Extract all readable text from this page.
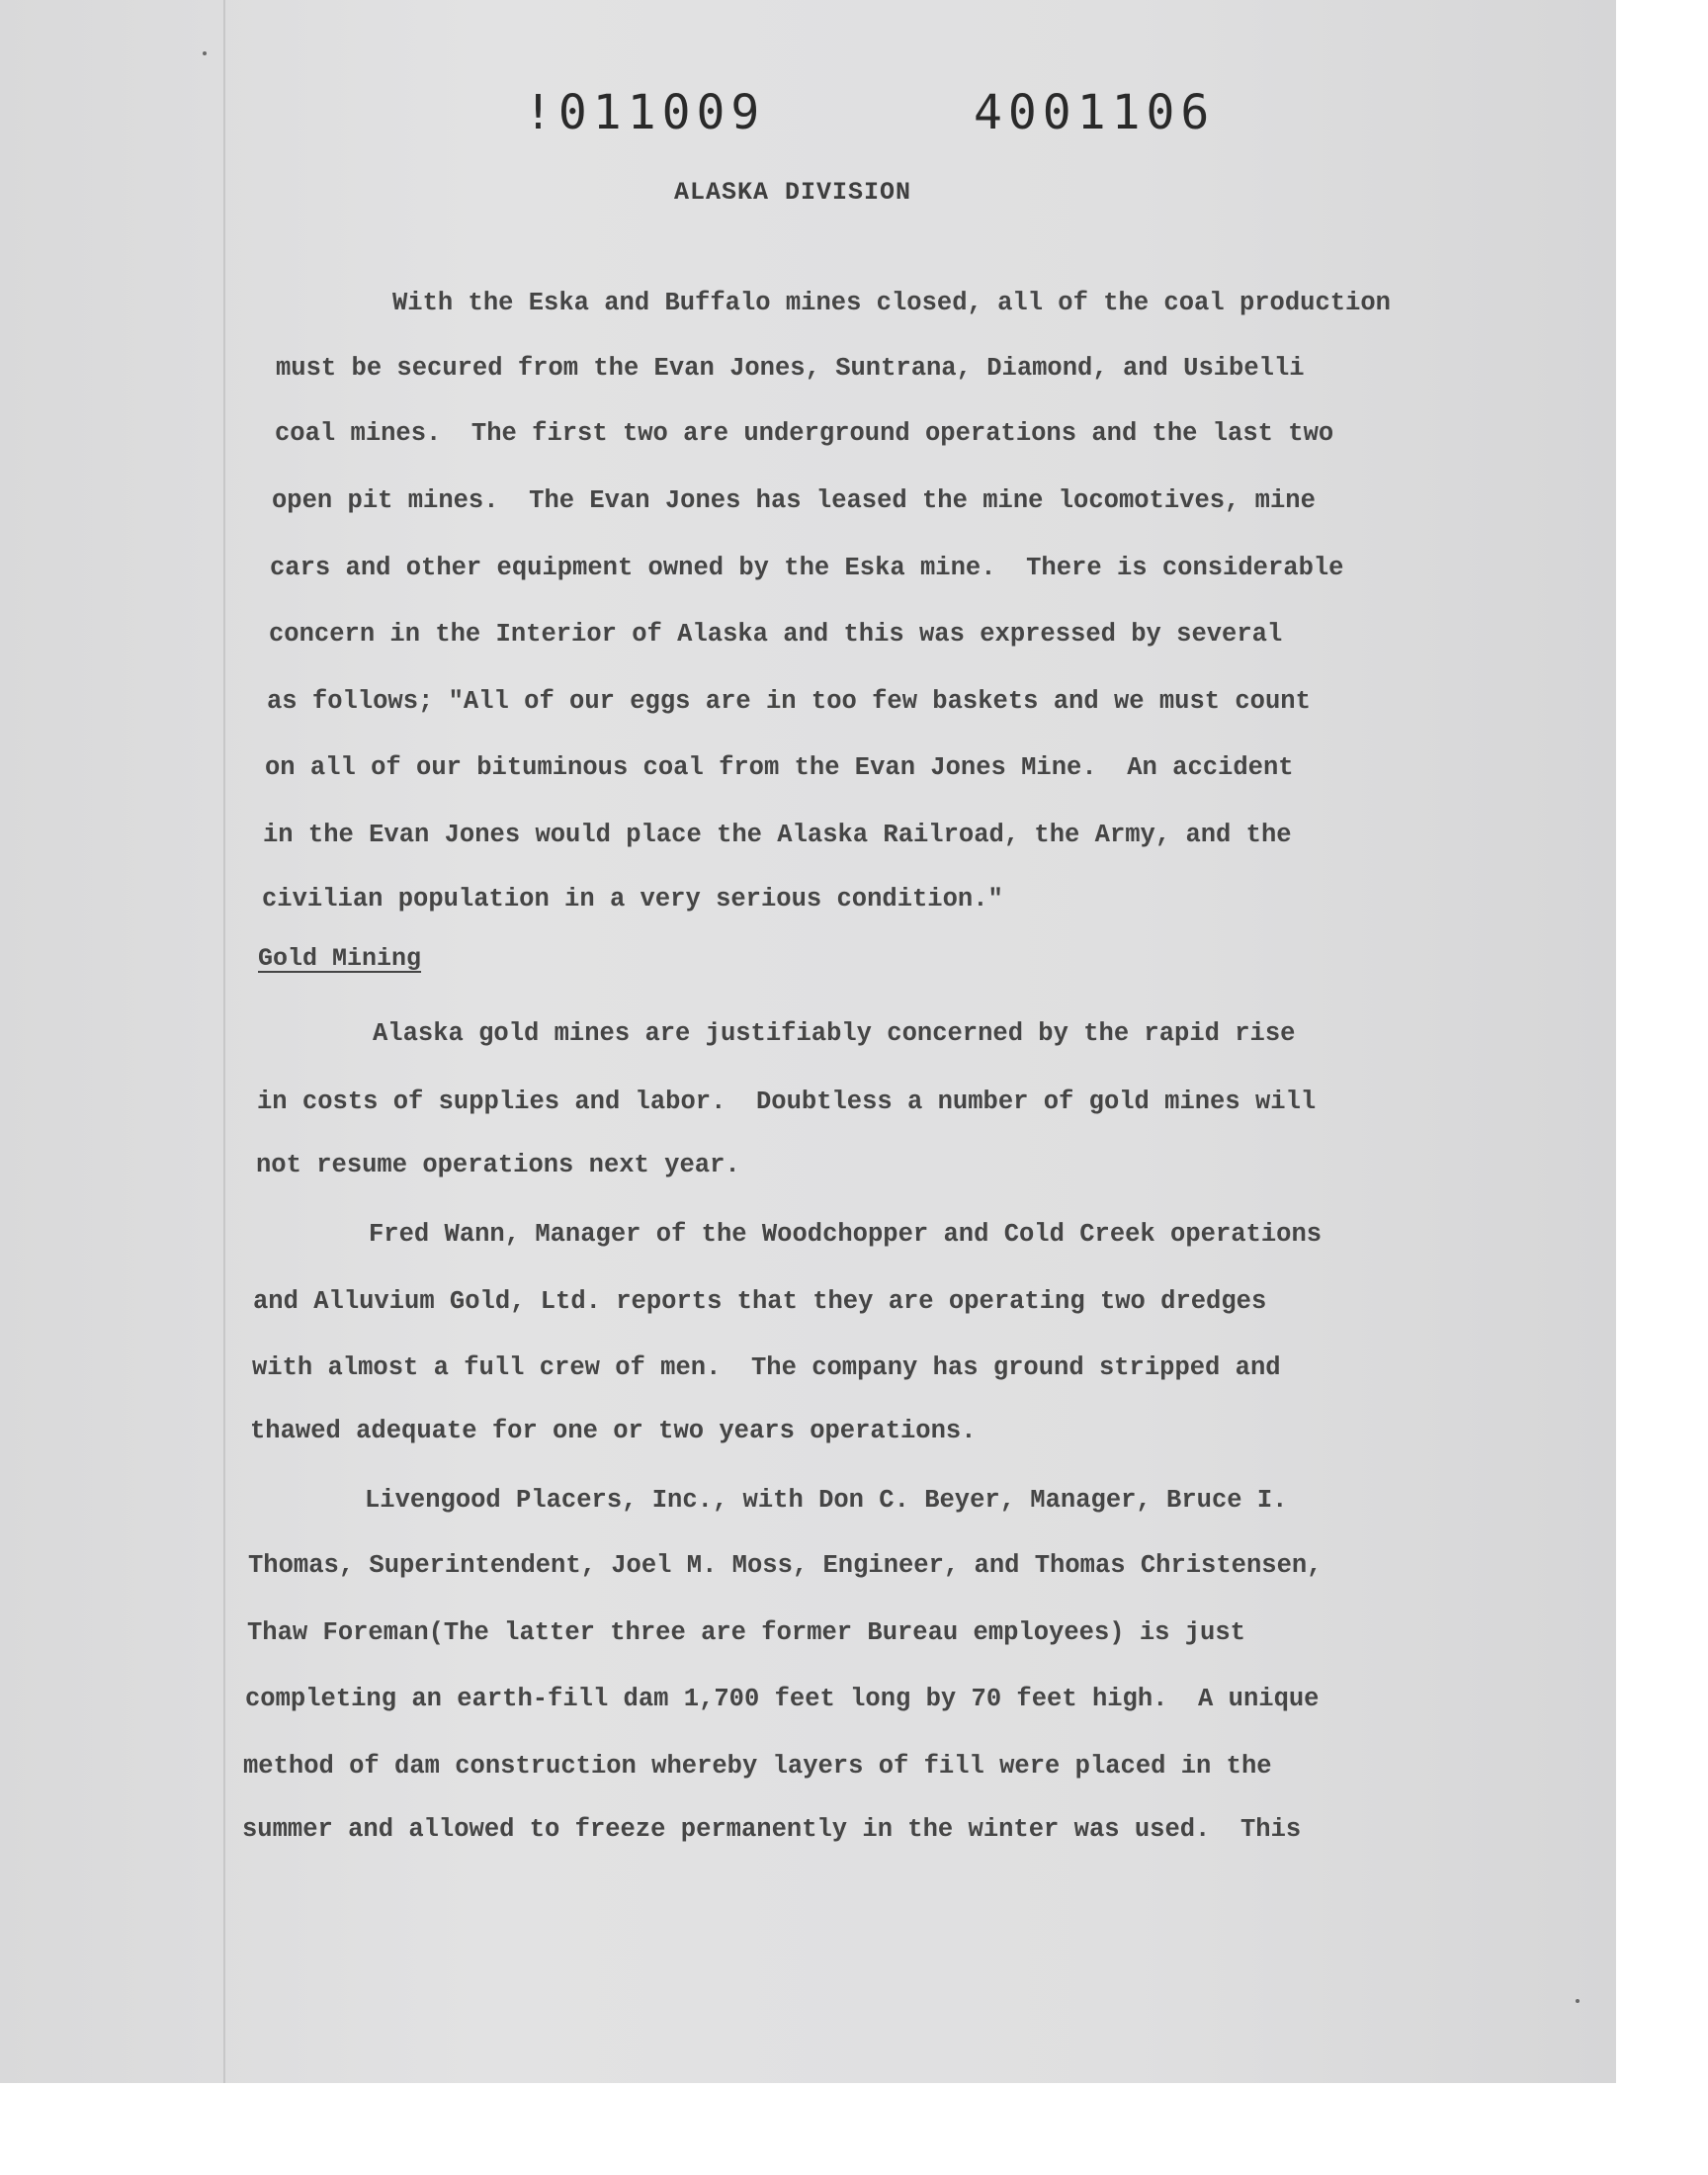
ǃ011009	4001106
ALASKA DIVISION
With the Eska and Buffalo mines closed, all of the coal production
must be secured from the Evan Jones, Suntrana, Diamond, and Usibelli
coal mines.  The first two are underground operations and the last two
open pit mines.  The Evan Jones has leased the mine locomotives, mine
cars and other equipment owned by the Eska mine.  There is considerable
concern in the Interior of Alaska and this was expressed by several
as follows; "All of our eggs are in too few baskets and we must count
on all of our bituminous coal from the Evan Jones Mine.  An accident
in the Evan Jones would place the Alaska Railroad, the Army, and the
civilian population in a very serious condition."
Gold Mining
Alaska gold mines are justifiably concerned by the rapid rise
in costs of supplies and labor.  Doubtless a number of gold mines will
not resume operations next year.
Fred Wann, Manager of the Woodchopper and Cold Creek operations
and Alluvium Gold, Ltd. reports that they are operating two dredges
with almost a full crew of men.  The company has ground stripped and
thawed adequate for one or two years operations.
Livengood Placers, Inc., with Don C. Beyer, Manager, Bruce I.
Thomas, Superintendent, Joel M. Moss, Engineer, and Thomas Christensen,
Thaw Foreman(The latter three are former Bureau employees) is just
completing an earth-fill dam 1,700 feet long by 70 feet high.  A unique
method of dam construction whereby layers of fill were placed in the
summer and allowed to freeze permanently in the winter was used.  This
